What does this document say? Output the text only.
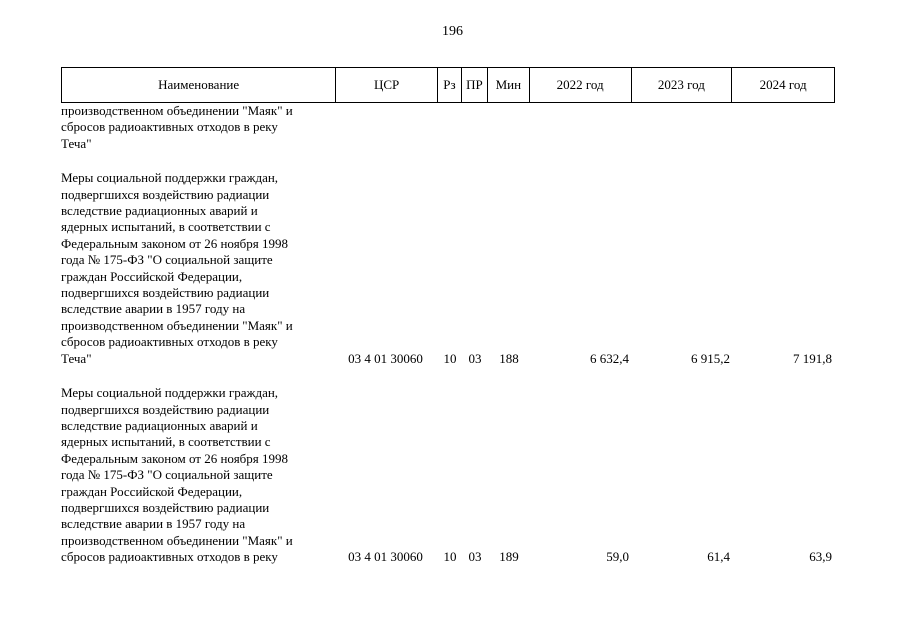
196
Наименование	ЦСР	Рз ПР Мин	2022 год	2023 год	2024 год
производственном объединении "Маяк" и
сбросов радиоактивных отходов в реку
Теча"
Меры социальной поддержки граждан,
подвергшихся воздействию радиации
вследствие радиационных аварий и
ядерных испытаний, в соответствии с
Федеральным законом от 26 ноября 1998
года № 175-ФЗ "О социальной защите
граждан Российской Федерации,
подвергшихся воздействию радиации
вследствие аварии в 1957 году на
производственном объединении "Маяк" и
сбросов радиоактивных отходов в реку
Теча"	03 4 01 30060	10 03	188	6 632,4	6 915,2	7 191,8
Меры социальной поддержки граждан,
подвергшихся воздействию радиации
вследствие радиационных аварий и
ядерных испытаний, в соответствии с
Федеральным законом от 26 ноября 1998
года № 175-ФЗ "О социальной защите
граждан Российской Федерации,
подвергшихся воздействию радиации
вследствие аварии в 1957 году на
производственном объединении "Маяк" и
сбросов радиоактивных отходов в реку	03 4 01 30060	10 03	189	59,0	61,4	63,9
